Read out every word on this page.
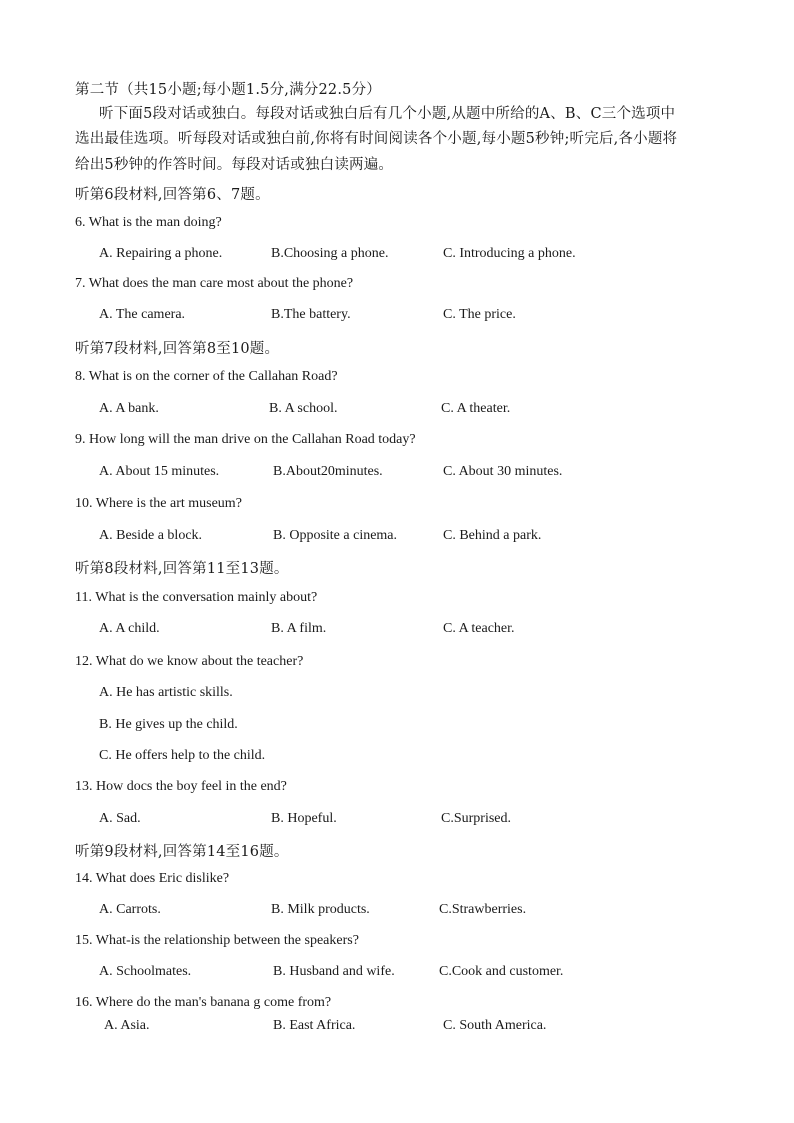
第二节（共15小题;每小题1.5分,满分22.5分）
听下面5段对话或独白。每段对话或独白后有几个小题,从题中所给的A、B、C三个选项中
选出最佳选项。听每段对话或独白前,你将有时间阅读各个小题,每小题5秒钟;听完后,各小题将
给出5秒钟的作答时间。每段对话或独白读两遍。
听第6段材料,回答第6、7题。
6. What is the man doing?
A. Repairing a phone.	B.Choosing a phone.	C. Introducing a phone.
7. What does the man care most about the phone?
A. The camera.	B.The battery.	C. The price.
听第7段材料,回答第8至10题。
8. What is on the corner of the Callahan Road?
A. A bank.	B. A school.	C. A theater.
9. How long will the man drive on the Callahan Road today?
A. About 15 minutes.	B.About20minutes.	C. About 30 minutes.
10. Where is the art museum?
A. Beside a block.	B. Opposite a cinema.	C. Behind a park.
听第8段材料,回答第11至13题。
11. What is the conversation mainly about?
A. A child.	B. A film.	C. A teacher.
12. What do we know about the teacher?
A. He has artistic skills.
B. He gives up the child.
C. He offers help to the child.
13. How docs the boy feel in the end?
A. Sad.	B. Hopeful.	C.Surprised.
听第9段材料,回答第14至16题。
14. What does Eric dislike?
A. Carrots.	B. Milk products.	C.Strawberries.
15. What-is the relationship between the speakers?
A. Schoolmates.	B. Husband and wife.	C.Cook and customer.
16. Where do the man's banana g come from?
A. Asia.	B. East Africa.	C. South America.
